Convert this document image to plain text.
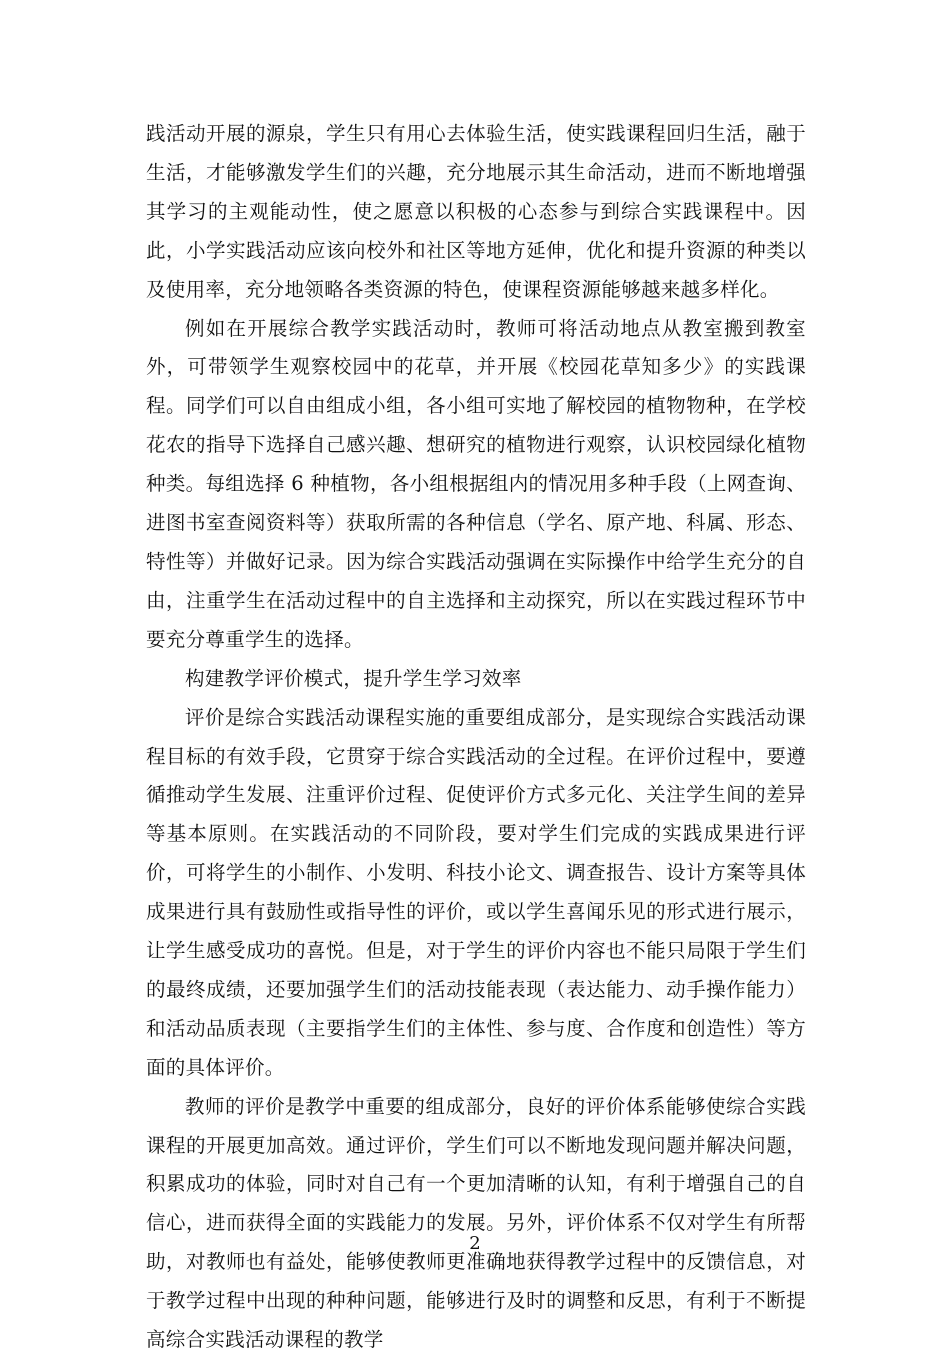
践活动开展的源泉，学生只有用心去体验生活，使实践课程回归生活，融于生活，才能够激发学生们的兴趣，充分地展示其生命活动，进而不断地增强其学习的主观能动性，使之愿意以积极的心态参与到综合实践课程中。因此，小学实践活动应该向校外和社区等地方延伸，优化和提升资源的种类以及使用率，充分地领略各类资源的特色，使课程资源能够越来越多样化。

例如在开展综合教学实践活动时，教师可将活动地点从教室搬到教室外，可带领学生观察校园中的花草，并开展《校园花草知多少》的实践课程。同学们可以自由组成小组，各小组可实地了解校园的植物物种，在学校花农的指导下选择自己感兴趣、想研究的植物进行观察，认识校园绿化植物种类。每组选择 6 种植物，各小组根据组内的情况用多种手段（上网查询、进图书室查阅资料等）获取所需的各种信息（学名、原产地、科属、形态、特性等）并做好记录。因为综合实践活动强调在实际操作中给学生充分的自由，注重学生在活动过程中的自主选择和主动探究，所以在实践过程环节中要充分尊重学生的选择。

构建教学评价模式，提升学生学习效率

评价是综合实践活动课程实施的重要组成部分，是实现综合实践活动课程目标的有效手段，它贯穿于综合实践活动的全过程。在评价过程中，要遵循推动学生发展、注重评价过程、促使评价方式多元化、关注学生间的差异等基本原则。在实践活动的不同阶段，要对学生们完成的实践成果进行评价，可将学生的小制作、小发明、科技小论文、调查报告、设计方案等具体成果进行具有鼓励性或指导性的评价，或以学生喜闻乐见的形式进行展示，让学生感受成功的喜悦。但是，对于学生的评价内容也不能只局限于学生们的最终成绩，还要加强学生们的活动技能表现（表达能力、动手操作能力）和活动品质表现（主要指学生们的主体性、参与度、合作度和创造性）等方面的具体评价。

教师的评价是教学中重要的组成部分，良好的评价体系能够使综合实践课程的开展更加高效。通过评价，学生们可以不断地发现问题并解决问题，积累成功的体验，同时对自己有一个更加清晰的认知，有利于增强自己的自信心，进而获得全面的实践能力的发展。另外，评价体系不仅对学生有所帮助，对教师也有益处，能够使教师更准确地获得教学过程中的反馈信息，对于教学过程中出现的种种问题，能够进行及时的调整和反思，有利于不断提高综合实践活动课程的教学

2
